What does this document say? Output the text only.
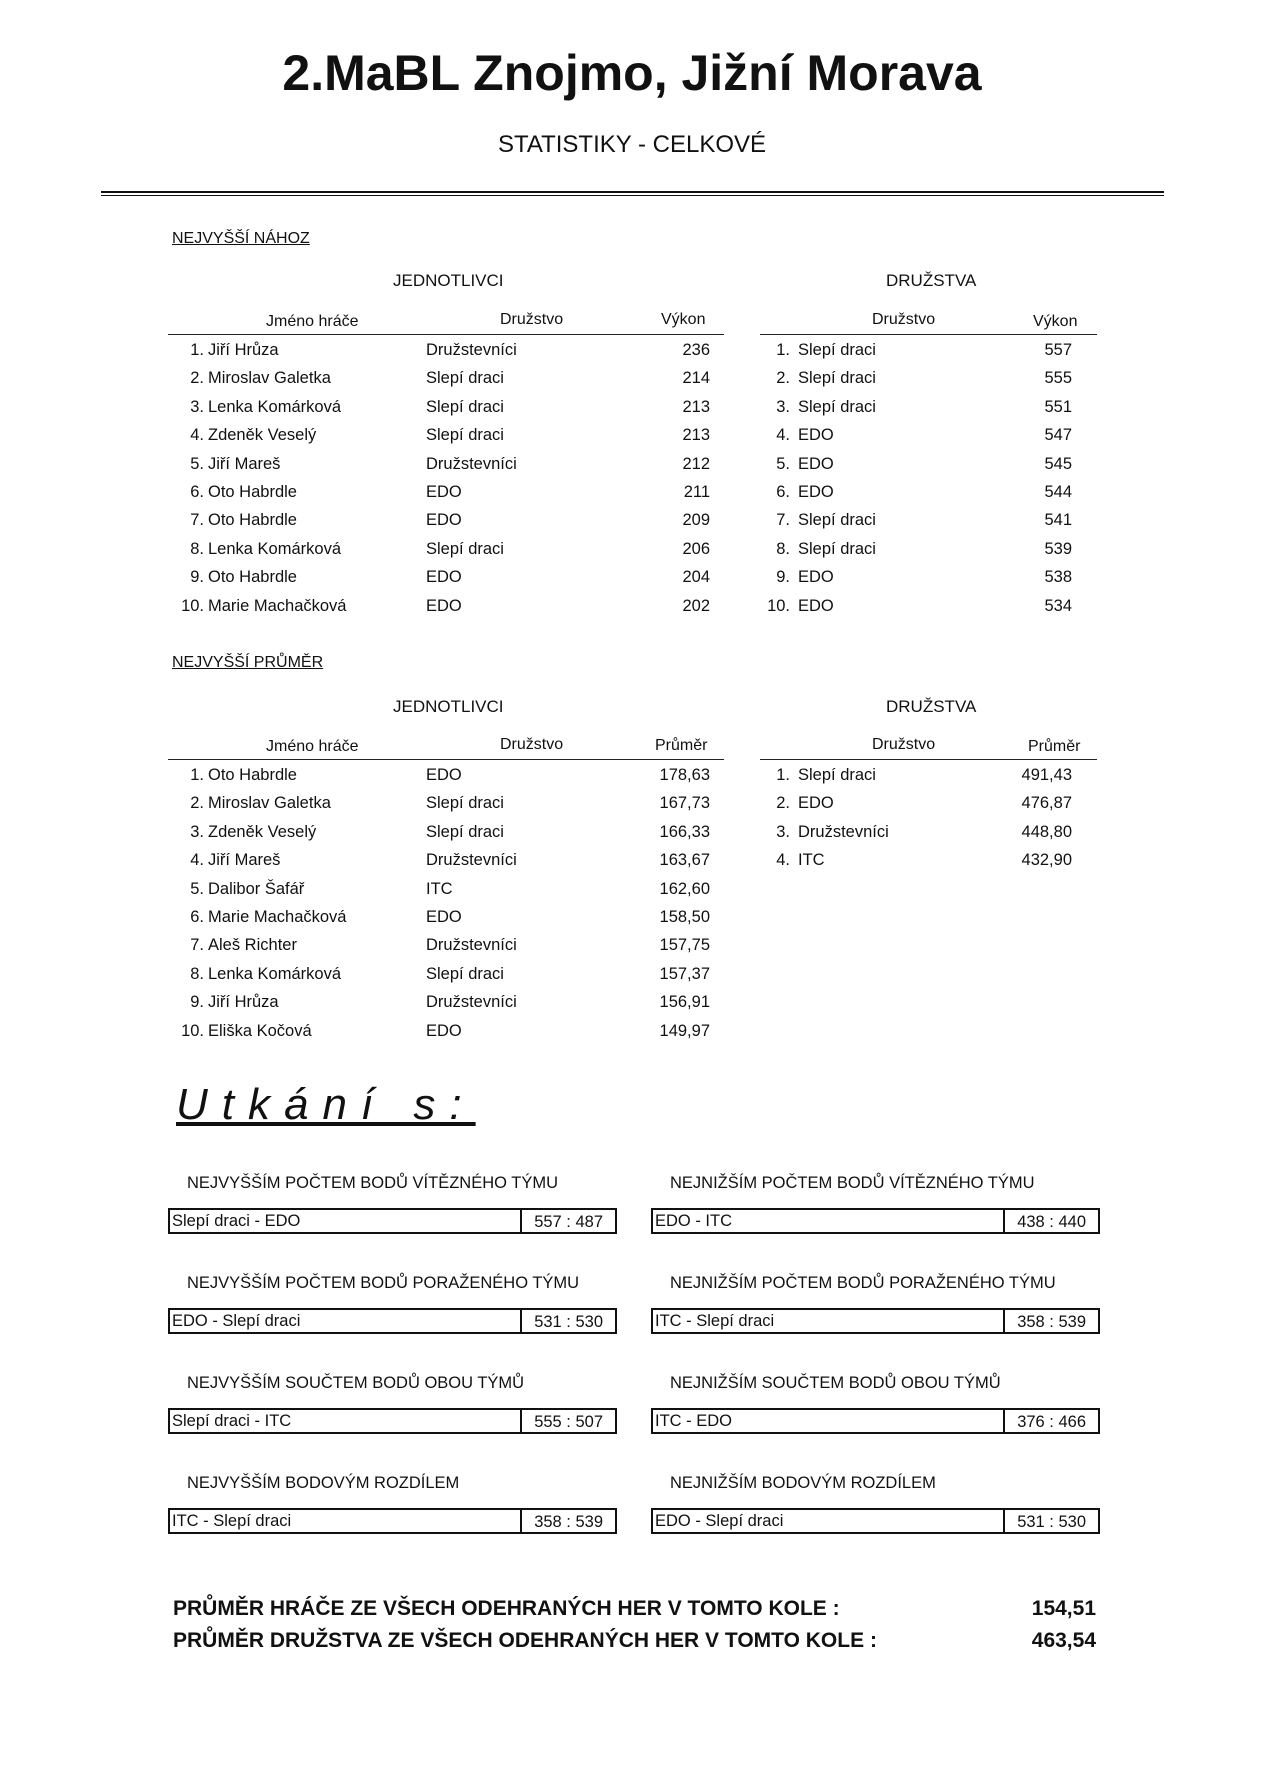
2.MaBL Znojmo, Jižní Morava
STATISTIKY - CELKOVÉ
NEJVYŠŠÍ NÁHOZ
JEDNOTLIVCI	DRUŽSTVA
Jméno hráče	Družstvo	Výkon	Družstvo	Výkon
1. Jiří Hrůza	Družstevníci	236
2. Miroslav Galetka	Slepí draci	214
3. Lenka Komárková	Slepí draci	213
4. Zdeněk Veselý	Slepí draci	213
5. Jiří Mareš	Družstevníci	212
6. Oto Habrdle	EDO	211
7. Oto Habrdle	EDO	209
8. Lenka Komárková	Slepí draci	206
9. Oto Habrdle	EDO	204
10. Marie Machačková	EDO	202
1. Slepí draci	557
2. Slepí draci	555
3. Slepí draci	551
4. EDO	547
5. EDO	545
6. EDO	544
7. Slepí draci	541
8. Slepí draci	539
9. EDO	538
10. EDO	534
NEJVYŠŠÍ PRŮMĚR
JEDNOTLIVCI	DRUŽSTVA
Jméno hráče	Družstvo	Průměr	Družstvo	Průměr
1. Oto Habrdle	EDO	178,63
2. Miroslav Galetka	Slepí draci	167,73
3. Zdeněk Veselý	Slepí draci	166,33
4. Jiří Mareš	Družstevníci	163,67
5. Dalibor Šafář	ITC	162,60
6. Marie Machačková	EDO	158,50
7. Aleš Richter	Družstevníci	157,75
8. Lenka Komárková	Slepí draci	157,37
9. Jiří Hrůza	Družstevníci	156,91
10. Eliška Kočová	EDO	149,97
1. Slepí draci	491,43
2. EDO	476,87
3. Družstevníci	448,80
4. ITC	432,90
Utkání s:
NEJVYŠŠÍM POČTEM BODŮ VÍTĚZNÉHO TÝMU
Slepí draci - EDO	557 : 487
NEJNIŽŠÍM POČTEM BODŮ VÍTĚZNÉHO TÝMU
EDO - ITC	438 : 440
NEJVYŠŠÍM POČTEM BODŮ PORAŽENÉHO TÝMU
EDO - Slepí draci	531 : 530
NEJNIŽŠÍM POČTEM BODŮ PORAŽENÉHO TÝMU
ITC - Slepí draci	358 : 539
NEJVYŠŠÍM SOUČTEM BODŮ OBOU TÝMŮ
Slepí draci - ITC	555 : 507
NEJNIŽŠÍM SOUČTEM BODŮ OBOU TÝMŮ
ITC - EDO	376 : 466
NEJVYŠŠÍM BODOVÝM ROZDÍLEM
ITC - Slepí draci	358 : 539
NEJNIŽŠÍM BODOVÝM ROZDÍLEM
EDO - Slepí draci	531 : 530
PRŮMĚR HRÁČE ZE VŠECH ODEHRANÝCH HER V TOMTO KOLE :	154,51
PRŮMĚR DRUŽSTVA ZE VŠECH ODEHRANÝCH HER V TOMTO KOLE :	463,54
